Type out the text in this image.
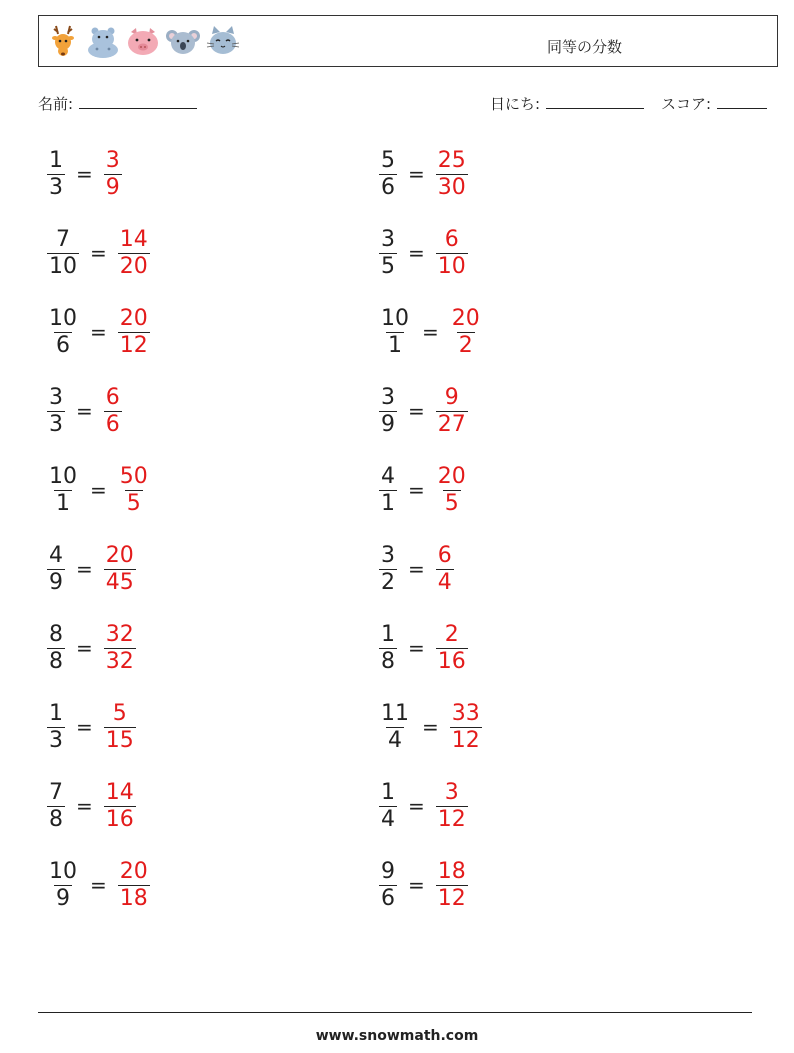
同等の分数
名前:	日にち:	スコア:
$\frac{1}{3} = \frac{3}{9}$	$\frac{5}{6} = \frac{25}{30}$
$\frac{7}{10} = \frac{14}{20}$	$\frac{3}{5} = \frac{6}{10}$
$\frac{10}{6} = \frac{20}{12}$	$\frac{10}{1} = \frac{20}{2}$
$\frac{3}{3} = \frac{6}{6}$	$\frac{3}{9} = \frac{9}{27}$
$\frac{10}{1} = \frac{50}{5}$	$\frac{4}{1} = \frac{20}{5}$
$\frac{4}{9} = \frac{20}{45}$	$\frac{3}{2} = \frac{6}{4}$
$\frac{8}{8} = \frac{32}{32}$	$\frac{1}{8} = \frac{2}{16}$
$\frac{1}{3} = \frac{5}{15}$	$\frac{11}{4} = \frac{33}{12}$
$\frac{7}{8} = \frac{14}{16}$	$\frac{1}{4} = \frac{3}{12}$
$\frac{10}{9} = \frac{20}{18}$	$\frac{9}{6} = \frac{18}{12}$
www.snowmath.com
